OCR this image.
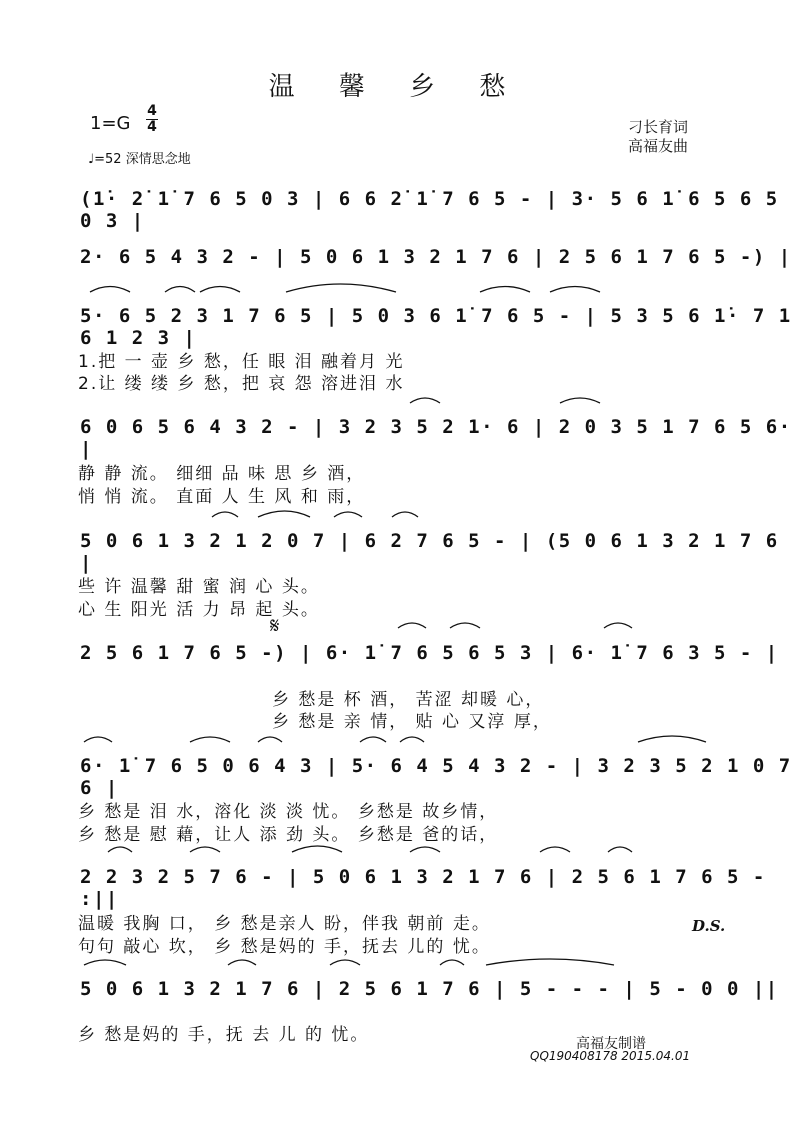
温 馨 乡 愁
1=G
4
4
♩=52 深情思念地
刁长育词
高福友曲
(1̇· 2̇ 1̇ 7 6 5 0 3 | 6 6 2̇ 1̇ 7 6 5 - | 3· 5 6 1̇ 6 5 6 5 0 3 |
2· 6 5 4 3 2 - | 5 0 6 1 3 2 1 7 6 | 2 5 6 1 7 6 5 -) |
5· 6 5 2 3 1 7 6 5 | 5 0 3 6 1̇ 7 6 5 - | 5 3 5 6 1̇· 7 1 6 1 2 3 |
6 0 6 5 6 4 3 2 - | 3 2 3 5 2 1· 6 | 2 0 3 5 1 7 6 5 6· |
5 0 6 1 3 2 1 2 0 7 | 6 2 7 6 5 - | (5 0 6 1 3 2 1 7 6 |
2 5 6 1 7 6 5 -) | 6· 1̇ 7 6 5 6 5 3 | 6· 1̇ 7 6 3 5 - |
6· 1̇ 7 6 5 0 6 4 3 | 5· 6 4 5 4 3 2 - | 3 2 3 5 2 1 0 7 6 |
2 2 3 2 5 7 6 - | 5 0 6 1 3 2 1 7 6 | 2 5 6 1 7 6 5 - :||
5 0 6 1 3 2 1 7 6 | 2 5 6 1 7 6 | 5 - - - | 5 - 0 0 ||
1.把 一 壶 乡 愁，任 眼 泪 融着月 光
2.让 缕 缕 乡 愁，把 哀 怨 溶进泪 水
静 静 流。 细细 品 味 思 乡 酒，
悄 悄 流。 直面 人 生 风 和 雨，
些 许 温馨 甜 蜜 润 心 头。
心 生 阳光 活 力 昂 起 头。
乡 愁是 杯 酒， 苦涩 却暖 心，
乡 愁是 亲 情， 贴 心 又淳 厚，
乡 愁是 泪 水，溶化 淡 淡 忧。 乡愁是 故乡情，
乡 愁是 慰 藉，让人 添 劲 头。 乡愁是 爸的话，
温暖 我胸 口， 乡 愁是亲人 盼，伴我 朝前 走。
句句 敲心 坎， 乡 愁是妈的 手，抚去 儿的 忧。
乡 愁是妈的 手，抚 去 儿 的 忧。
𝄋
D.S.
高福友制谱
QQ190408178 2015.04.01
